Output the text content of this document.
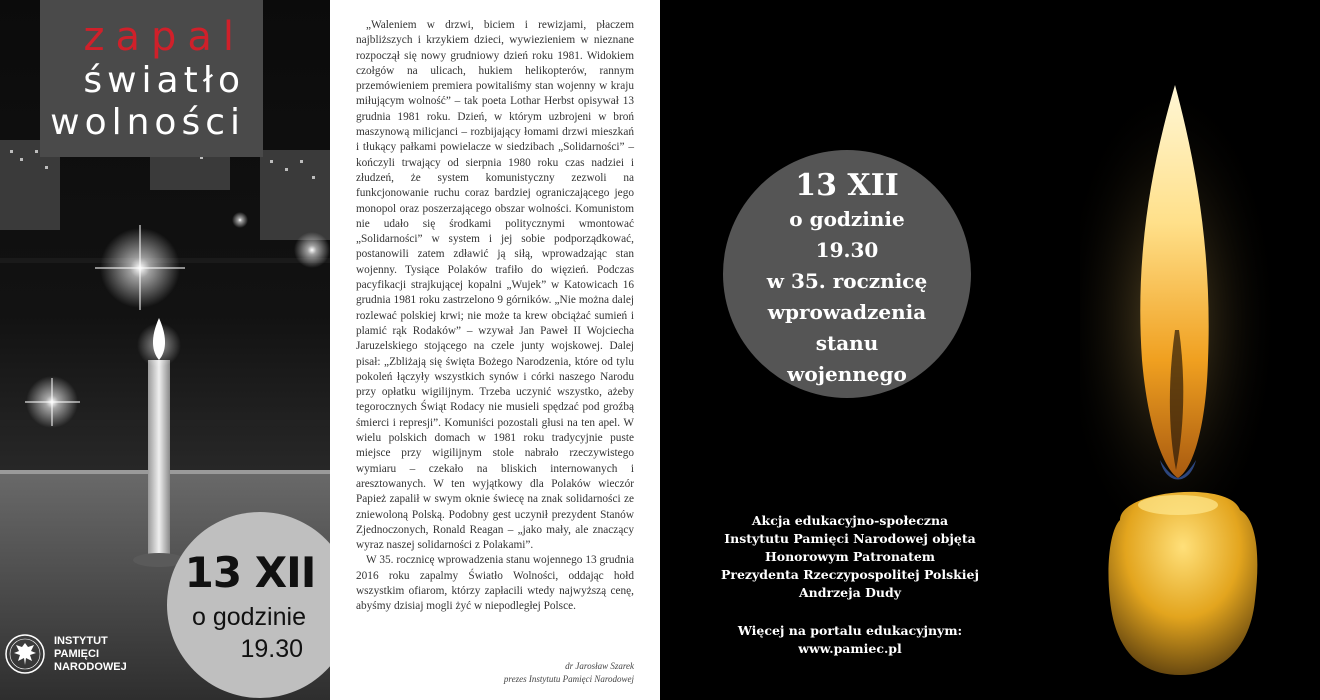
zapal
światło
wolności
13 XII
o godzinie
19.30
INSTYTUT
PAMIĘCI
NARODOWEJ

„Waleniem w drzwi, biciem i rewizjami, płaczem najbliższych i krzykiem dzieci, wywiezieniem w nieznane rozpoczął się nowy grudniowy dzień roku 1981. Widokiem czołgów na ulicach, hukiem helikopterów, rannym przemówieniem premiera powitaliśmy stan wojenny w kraju miłującym wolność” – tak poeta Lothar Herbst opisywał 13 grudnia 1981 roku. Dzień, w którym uzbrojeni w broń maszynową milicjanci – rozbijający łomami drzwi mieszkań i tłukący pałkami powielacze w siedzibach „Solidarności” – kończyli trwający od sierpnia 1980 roku czas nadziei i złudzeń, że system komunistyczny zezwoli na funkcjonowanie ruchu coraz bardziej ograniczającego jego monopol oraz poszerzającego obszar wolności. Komunistom nie udało się środkami politycznymi wmontować „Solidarności” w system i jej sobie podporządkować, postanowili zatem zdławić ją siłą, wprowadzając stan wojenny. Tysiące Polaków trafiło do więzień. Podczas pacyfikacji strajkującej kopalni „Wujek” w Katowicach 16 grudnia 1981 roku zastrzelono 9 górników. „Nie można dalej rozlewać polskiej krwi; nie może ta krew obciążać sumień i plamić rąk Rodaków” – wzywał Jan Paweł II Wojciecha Jaruzelskiego stojącego na czele junty wojskowej. Dalej pisał: „Zbliżają się święta Bożego Narodzenia, które od tylu pokoleń łączyły wszystkich synów i córki naszego Narodu przy opłatku wigilijnym. Trzeba uczynić wszystko, ażeby tegorocznych Świąt Rodacy nie musieli spędzać pod groźbą śmierci i represji”. Komuniści pozostali głusi na ten apel. W wielu polskich domach w 1981 roku tradycyjnie puste miejsce przy wigilijnym stole nabrało rzeczywistego wymiaru – czekało na bliskich internowanych i aresztowanych. W ten wyjątkowy dla Polaków wieczór Papież zapalił w swym oknie świecę na znak solidarności ze zniewoloną Polską. Podobny gest uczynił prezydent Stanów Zjednoczonych, Ronald Reagan – „jako mały, ale znaczący wyraz naszej solidarności z Polakami”.

W 35. rocznicę wprowadzenia stanu wojennego 13 grudnia 2016 roku zapalmy Światło Wolności, oddając hołd wszystkim ofiarom, którzy zapłacili wtedy najwyższą cenę, abyśmy dzisiaj mogli żyć w niepodległej Polsce.

dr Jarosław Szarek
prezes Instytutu Pamięci Narodowej
13 XII
o godzinie
19.30
w 35. rocznicę
wprowadzenia
stanu
wojennego
Akcja edukacyjno-społeczna
Instytutu Pamięci Narodowej objęta
Honorowym Patronatem
Prezydenta Rzeczypospolitej Polskiej
Andrzeja Dudy
Więcej na portalu edukacyjnym: www.pamiec.pl
